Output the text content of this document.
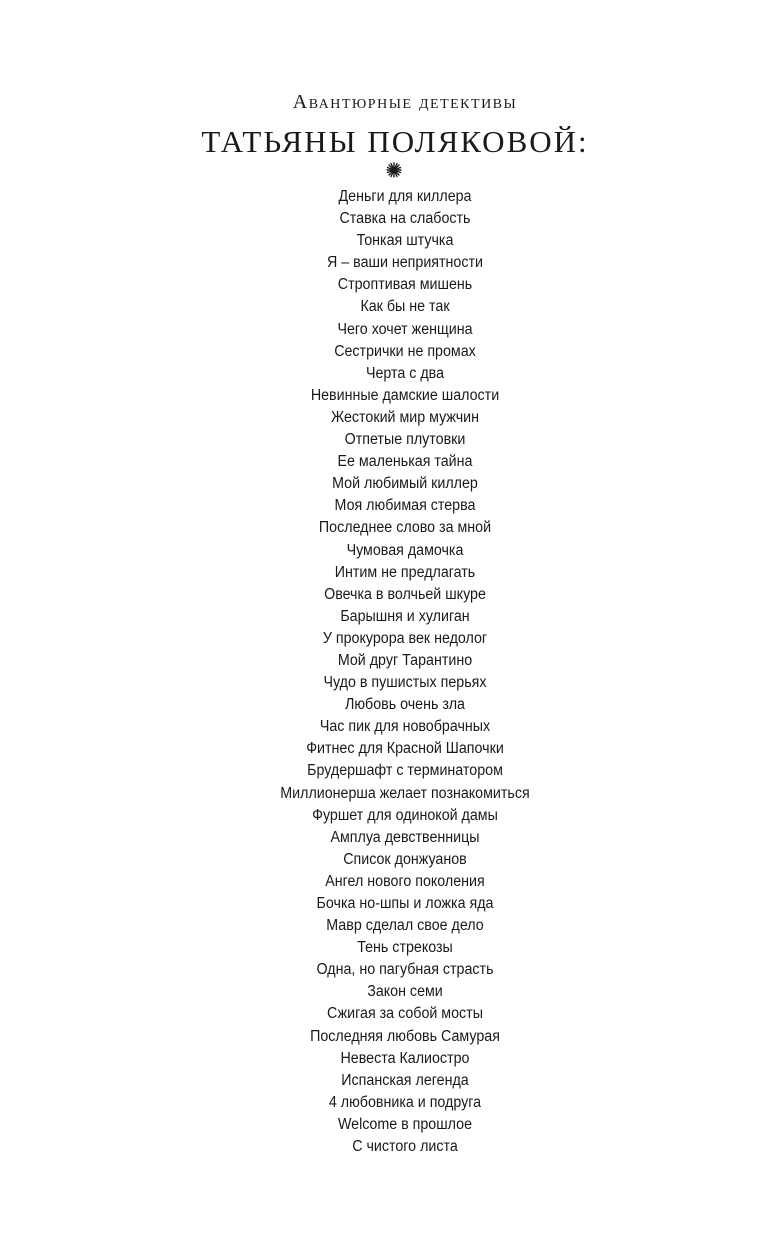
Авантюрные детективы
ТАТЬЯНЫ ПОЛЯКОВОЙ:
Деньги для киллера
Ставка на слабость
Тонкая штучка
Я – ваши неприятности
Строптивая мишень
Как бы не так
Чего хочет женщина
Сестрички не промах
Черта с два
Невинные дамские шалости
Жестокий мир мужчин
Отпетые плутовки
Ее маленькая тайна
Мой любимый киллер
Моя любимая стерва
Последнее слово за мной
Чумовая дамочка
Интим не предлагать
Овечка в волчьей шкуре
Барышня и хулиган
У прокурора век недолог
Мой друг Тарантино
Чудо в пушистых перьях
Любовь очень зла
Час пик для новобрачных
Фитнес для Красной Шапочки
Брудершафт с терминатором
Миллионерша желает познакомиться
Фуршет для одинокой дамы
Амплуа девственницы
Список донжуанов
Ангел нового поколения
Бочка но-шпы и ложка яда
Мавр сделал свое дело
Тень стрекозы
Одна, но пагубная страсть
Закон семи
Сжигая за собой мосты
Последняя любовь Самурая
Невеста Калиостро
Испанская легенда
4 любовника и подруга
Welcome в прошлое
С чистого листа
